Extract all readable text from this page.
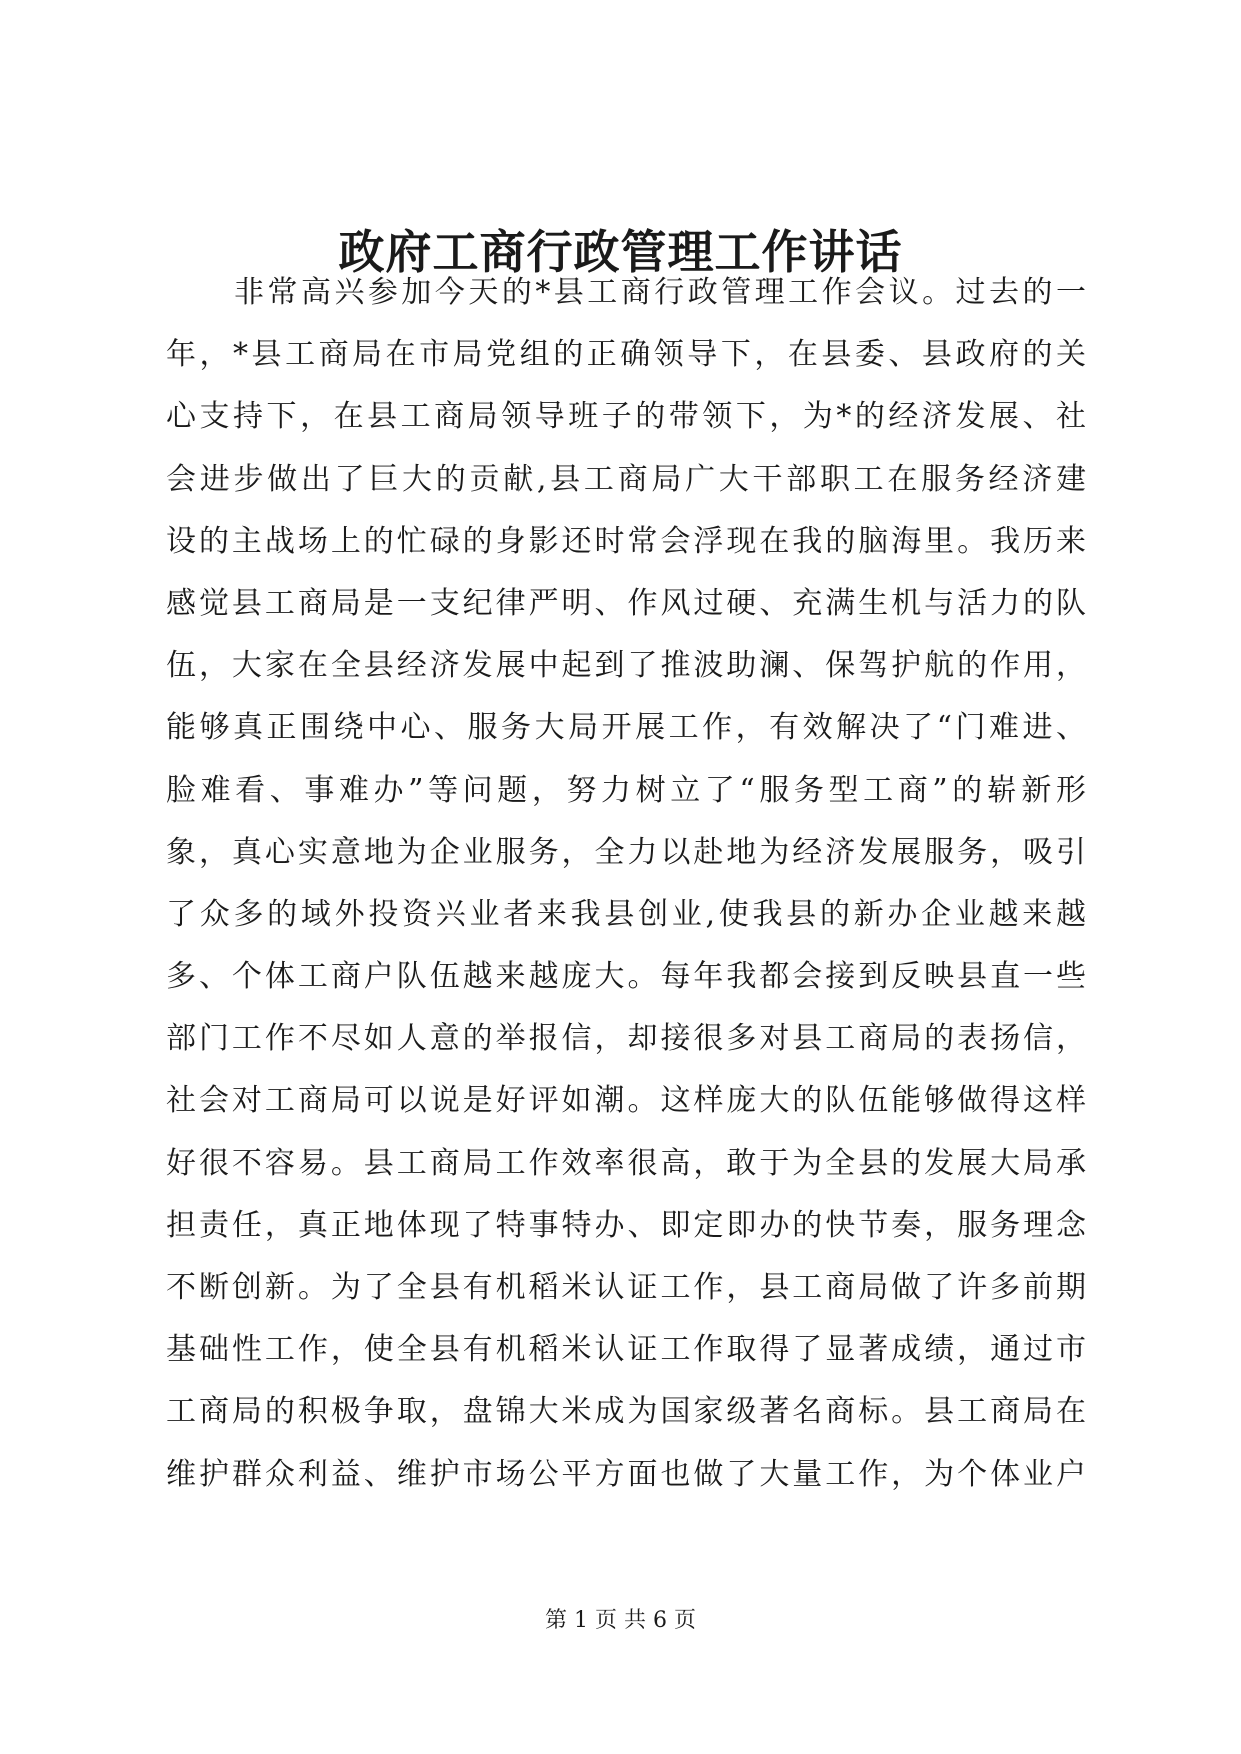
政府工商行政管理工作讲话
非常高兴参加今天的*县工商行政管理工作会议。过去的一
年，*县工商局在市局党组的正确领导下，在县委、县政府的关
心支持下，在县工商局领导班子的带领下，为*的经济发展、社
会进步做出了巨大的贡献,县工商局广大干部职工在服务经济建
设的主战场上的忙碌的身影还时常会浮现在我的脑海里。我历来
感觉县工商局是一支纪律严明、作风过硬、充满生机与活力的队
伍，大家在全县经济发展中起到了推波助澜、保驾护航的作用，
能够真正围绕中心、服务大局开展工作，有效解决了“门难进、
脸难看、事难办”等问题，努力树立了“服务型工商”的崭新形
象，真心实意地为企业服务，全力以赴地为经济发展服务，吸引
了众多的域外投资兴业者来我县创业,使我县的新办企业越来越
多、个体工商户队伍越来越庞大。每年我都会接到反映县直一些
部门工作不尽如人意的举报信，却接很多对县工商局的表扬信，
社会对工商局可以说是好评如潮。这样庞大的队伍能够做得这样
好很不容易。县工商局工作效率很高，敢于为全县的发展大局承
担责任，真正地体现了特事特办、即定即办的快节奏，服务理念
不断创新。为了全县有机稻米认证工作，县工商局做了许多前期
基础性工作，使全县有机稻米认证工作取得了显著成绩，通过市
工商局的积极争取，盘锦大米成为国家级著名商标。县工商局在
维护群众利益、维护市场公平方面也做了大量工作，为个体业户
第 1 页 共 6 页
